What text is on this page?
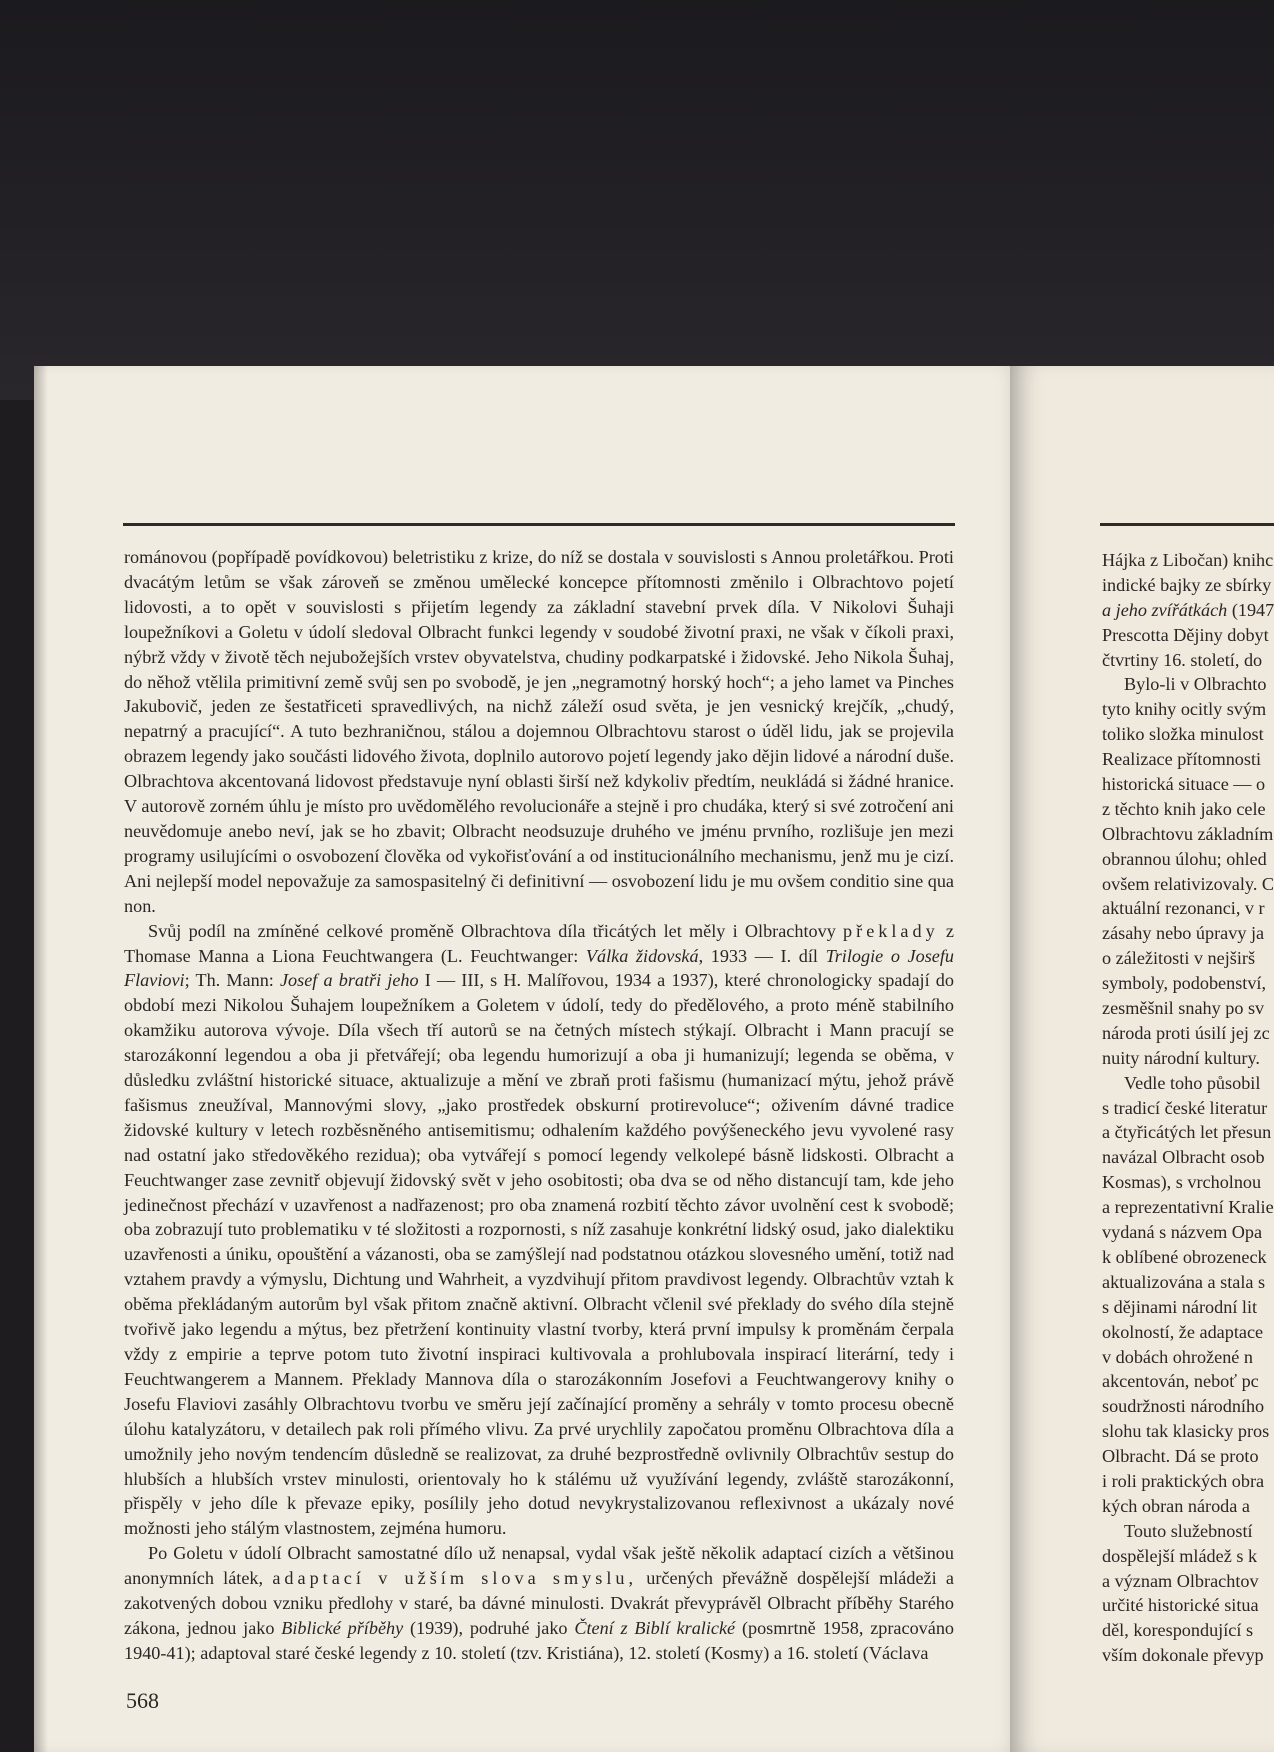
románovou (popřípadě povídkovou) beletristiku z krize, do níž se dostala v souvislosti s Annou proletářkou. Proti dvacátým letům se však zároveň se změnou umělecké koncepce přítomnosti změnilo i Olbrachtovo pojetí lidovosti, a to opět v souvislosti s přijetím legendy za základní stavební prvek díla. V Nikolovi Šuhaji loupežníkovi a Goletu v údolí sledoval Olbracht funkci legendy v soudobé životní praxi, ne však v číkoli praxi, nýbrž vždy v životě těch nejubožejších vrstev obyvatelstva, chudiny podkarpatské i židovské. Jeho Nikola Šuhaj, do něhož vtělila primitivní země svůj sen po svobodě, je jen „negramotný horský hoch“; a jeho lamet va Pinches Jakubovič, jeden ze šestatřiceti spravedlivých, na nichž záleží osud světa, je jen vesnický krejčík, „chudý, nepatrný a pracující“. A tuto bezhraničnou, stálou a dojemnou Olbrachtovu starost o úděl lidu, jak se projevila obrazem legendy jako součásti lidového života, doplnilo autorovo pojetí legendy jako dějin lidové a národní duše. Olbrachtova akcentovaná lidovost představuje nyní oblasti širší než kdykoliv předtím, neukládá si žádné hranice. V autorově zorném úhlu je místo pro uvědomělého revolucionáře a stejně i pro chudáka, který si své zotročení ani neuvědomuje anebo neví, jak se ho zbavit; Olbracht neodsuzuje druhého ve jménu prvního, rozlišuje jen mezi programy usilujícími o osvobození člověka od vykořisťování a od institucionálního mechanismu, jenž mu je cizí. Ani nejlepší model nepovažuje za samospasitelný či definitivní — osvobození lidu je mu ovšem conditio sine qua non.

Svůj podíl na zmíněné celkové proměně Olbrachtova díla třicátých let měly i Olbrachtovy překlady z Thomase Manna a Liona Feuchtwangera (L. Feuchtwanger: Válka židovská, 1933 — I. díl Trilogie o Josefu Flaviovi; Th. Mann: Josef a bratři jeho I — III, s H. Malířovou, 1934 a 1937), které chronologicky spadají do období mezi Nikolou Šuhajem loupežníkem a Goletem v údolí, tedy do předělového, a proto méně stabilního okamžiku autorova vývoje. Díla všech tří autorů se na četných místech stýkají. Olbracht i Mann pracují se starozákonní legendou a oba ji přetvářejí; oba legendu humorizují a oba ji humanizují; legenda se oběma, v důsledku zvláštní historické situace, aktualizuje a mění ve zbraň proti fašismu (humanizací mýtu, jehož právě fašismus zneužíval, Mannovými slovy, „jako prostředek obskurní protirevoluce“; oživením dávné tradice židovské kultury v letech rozběsněného antisemitismu; odhalením každého povýšeneckého jevu vyvolené rasy nad ostatní jako středověkého rezidua); oba vytvářejí s pomocí legendy velkolepé básně lidskosti. Olbracht a Feuchtwanger zase zevnitř objevují židovský svět v jeho osobitosti; oba dva se od něho distancují tam, kde jeho jedinečnost přechází v uzavřenost a nadřazenost; pro oba znamená rozbití těchto závor uvolnění cest k svobodě; oba zobrazují tuto problematiku v té složitosti a rozpornosti, s níž zasahuje konkrétní lidský osud, jako dialektiku uzavřenosti a úniku, opouštění a vázanosti, oba se zamýšlejí nad podstatnou otázkou slovesného umění, totiž nad vztahem pravdy a výmyslu, Dichtung und Wahrheit, a vyzdvihují přitom pravdivost legendy. Olbrachtův vztah k oběma překládaným autorům byl však přitom značně aktivní. Olbracht včlenil své překlady do svého díla stejně tvořivě jako legendu a mýtus, bez přetržení kontinuity vlastní tvorby, která první impulsy k proměnám čerpala vždy z empirie a teprve potom tuto životní inspiraci kultivovala a prohlubovala inspirací literární, tedy i Feuchtwangerem a Mannem. Překlady Mannova díla o starozákonním Josefovi a Feuchtwangerovy knihy o Josefu Flaviovi zasáhly Olbrachtovu tvorbu ve směru její začínající proměny a sehrály v tomto procesu obecně úlohu katalyzátoru, v detailech pak roli přímého vlivu. Za prvé urychlily započatou proměnu Olbrachtova díla a umožnily jeho novým tendencím důsledně se realizovat, za druhé bezprostředně ovlivnily Olbrachtův sestup do hlubších a hlubších vrstev minulosti, orientovaly ho k stálému už využívání legendy, zvláště starozákonní, přispěly v jeho díle k převaze epiky, posílily jeho dotud nevykrystalizovanou reflexivnost a ukázaly nové možnosti jeho stálým vlastnostem, zejména humoru.

Po Goletu v údolí Olbracht samostatné dílo už nenapsal, vydal však ještě několik adaptací cizích a většinou anonymních látek, adaptací v užším slova smyslu, určených převážně dospělejší mládeži a zakotvených dobou vzniku předlohy v staré, ba dávné minulosti. Dvakrát převyprávěl Olbracht příběhy Starého zákona, jednou jako Biblické příběhy (1939), podruhé jako Čtení z Biblí kralické (posmrtně 1958, zpracováno 1940-41); adaptoval staré české legendy z 10. století (tzv. Kristiána), 12. století (Kosmy) a 16. století (Václava

568
Hájka z Libočan) knihc
indické bajky ze sbírky
a jeho zvířátkách (1947
Prescotta Dějiny dobyt
čtvrtiny 16. století, do
Bylo-li v Olbrachto
tyto knihy ocitly svým
toliko složka minulost
Realizace přítomnosti
historická situace — o
z těchto knih jako cele
Olbrachtovu základním
obrannou úlohu; ohled
ovšem relativizovaly. C
aktuální rezonanci, v r
zásahy nebo úpravy ja
o záležitosti v nejširš
symboly, podobenství,
zesměšnil snahy po sv
národa proti úsilí jej zc
nuity národní kultury.
Vedle toho působil
s tradicí české literatur
a čtyřicátých let přesun
navázal Olbracht osob
Kosmas), s vrcholnou
a reprezentativní Kralie
vydaná s názvem Opa
k oblíbené obrozeneck
aktualizována a stala s
s dějinami národní lit
okolností, že adaptace
v dobách ohrožené n
akcentován, neboť pc
soudržnosti národního
slohu tak klasicky pros
Olbracht. Dá se proto
i roli praktických obra
kých obran národa a
Touto služebností
dospělejší mládež s k
a význam Olbrachtov
určité historické situa
děl, korespondující s
vším dokonale převyp
